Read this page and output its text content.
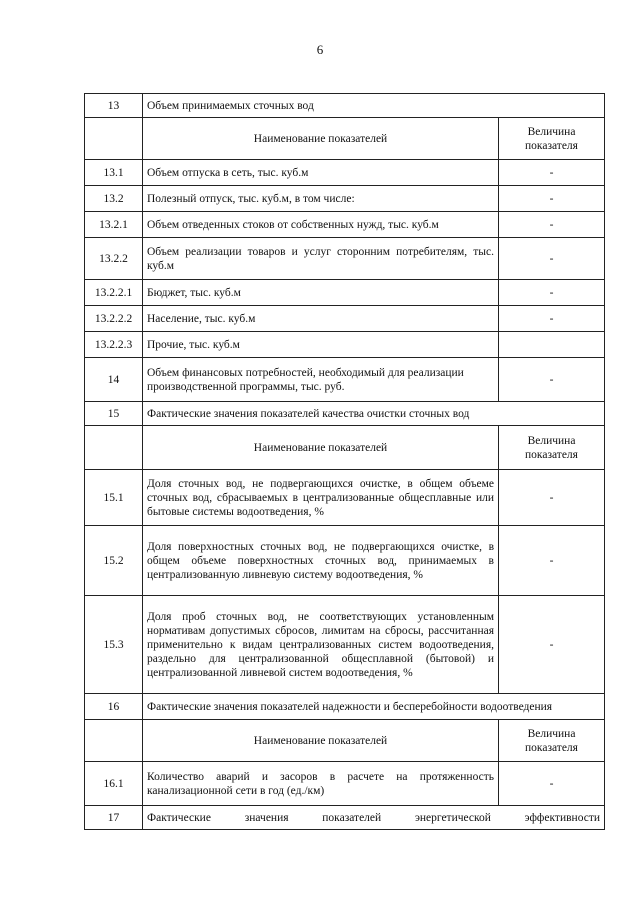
6
13	Объем принимаемых сточных вод	
	Наименование показателей	Величина показателя
13.1	Объем отпуска в сеть, тыс. куб.м	-
13.2	Полезный отпуск, тыс. куб.м, в том числе:	-
13.2.1	Объем отведенных стоков от собственных нужд, тыс. куб.м	-
13.2.2	Объем реализации товаров и услуг сторонним потребителям, тыс. куб.м	-
13.2.2.1	Бюджет, тыс. куб.м	-
13.2.2.2	Население, тыс. куб.м	-
13.2.2.3	Прочие, тыс. куб.м	
14	Объем финансовых потребностей, необходимый для реализации производственной программы, тыс. руб.	-
15	Фактические значения показателей качества очистки сточных вод	
	Наименование показателей	Величина показателя
15.1	Доля сточных вод, не подвергающихся очистке, в общем объеме сточных вод, сбрасываемых в централизованные общесплавные или бытовые системы водоотведения, %	-
15.2	Доля поверхностных сточных вод, не подвергающихся очистке, в общем объеме поверхностных сточных вод, принимаемых в централизованную ливневую систему водоотведения, %	-
15.3	Доля проб сточных вод, не соответствующих установленным нормативам допустимых сбросов, лимитам на сбросы, рассчитанная применительно к видам централизованных систем водоотведения, раздельно для централизованной общесплавной (бытовой) и централизованной ливневой систем водоотведения, %	-
16	Фактические значения показателей надежности и бесперебойности водоотведения	
	Наименование показателей	Величина показателя
16.1	Количество аварий и засоров в расчете на протяженность канализационной сети в год (ед./км)	-
17	Фактические значения показателей энергетической эффективности	
